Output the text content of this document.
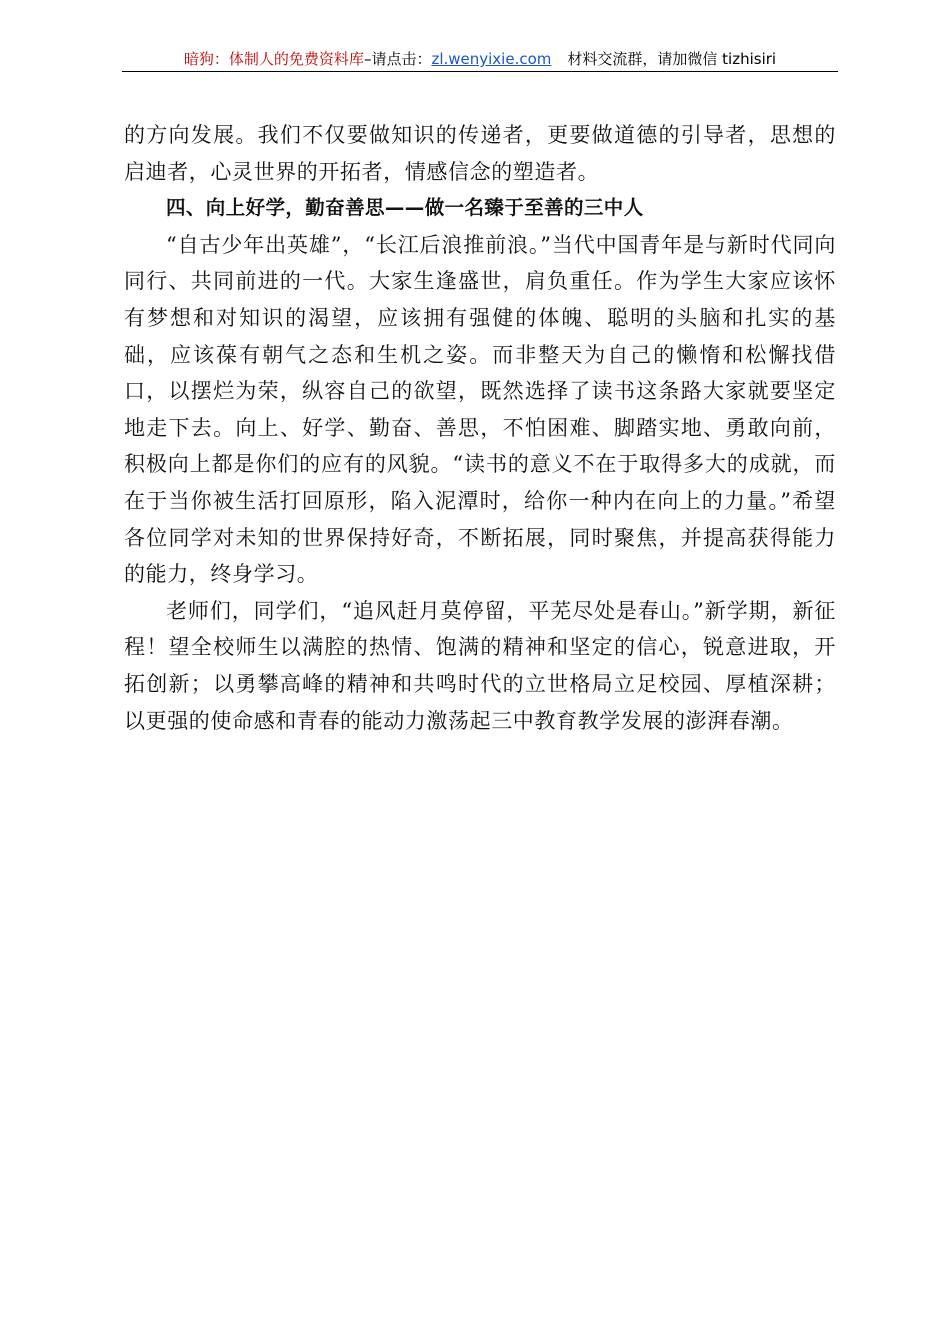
暗狗：体制人的免费资料库–请点击：zl.wenyixie.com 材料交流群，请加微信 tizhisiri

的方向发展。我们不仅要做知识的传递者，更要做道德的引导者，思想的启迪者，心灵世界的开拓者，情感信念的塑造者。

四、向上好学，勤奋善思——做一名臻于至善的三中人

“自古少年出英雄”，“长江后浪推前浪。”当代中国青年是与新时代同向同行、共同前进的一代。大家生逢盛世，肩负重任。作为学生大家应该怀有梦想和对知识的渴望，应该拥有强健的体魄、聪明的头脑和扎实的基础，应该葆有朝气之态和生机之姿。而非整天为自己的懒惰和松懈找借口，以摆烂为荣，纵容自己的欲望，既然选择了读书这条路大家就要坚定地走下去。向上、好学、勤奋、善思，不怕困难、脚踏实地、勇敢向前，积极向上都是你们的应有的风貌。“读书的意义不在于取得多大的成就，而在于当你被生活打回原形，陷入泥潭时，给你一种内在向上的力量。”希望各位同学对未知的世界保持好奇，不断拓展，同时聚焦，并提高获得能力的能力，终身学习。

老师们，同学们，“追风赶月莫停留，平芜尽处是春山。”新学期，新征程！望全校师生以满腔的热情、饱满的精神和坚定的信心，锐意进取，开拓创新；以勇攀高峰的精神和共鸣时代的立世格局立足校园、厚植深耕；以更强的使命感和青春的能动力激荡起三中教育教学发展的澎湃春潮。
